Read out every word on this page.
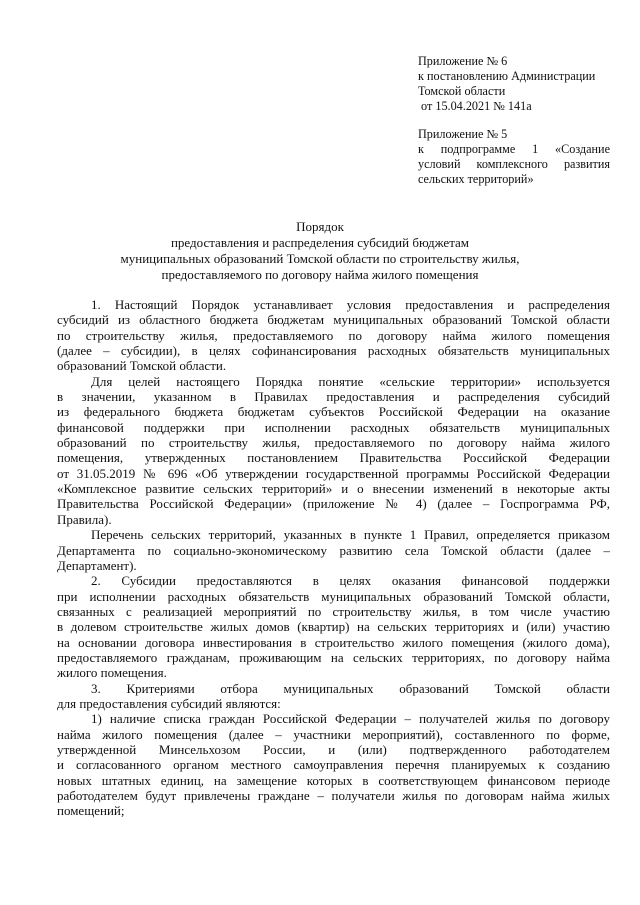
Приложение № 6
к постановлению Администрации
Томской области
от 15.04.2021 № 141а
Приложение № 5
к подпрограмме 1 «Создание
условий комплексного развития
сельских территорий»
Порядок
предоставления и распределения субсидий бюджетам
муниципальных образований Томской области по строительству жилья,
предоставляемого по договору найма жилого помещения
1. Настоящий Порядок устанавливает условия предоставления и распределения
субсидий из областного бюджета бюджетам муниципальных образований Томской области
по строительству жилья, предоставляемого по договору найма жилого помещения
(далее – субсидии), в целях софинансирования расходных обязательств муниципальных
образований Томской области.
Для целей настоящего Порядка понятие «сельские территории» используется
в значении, указанном в Правилах предоставления и распределения субсидий
из федерального бюджета бюджетам субъектов Российской Федерации на оказание
финансовой поддержки при исполнении расходных обязательств муниципальных
образований по строительству жилья, предоставляемого по договору найма жилого
помещения, утвержденных постановлением Правительства Российской Федерации
от 31.05.2019 № 696 «Об утверждении государственной программы Российской Федерации
«Комплексное развитие сельских территорий» и о внесении изменений в некоторые акты
Правительства Российской Федерации» (приложение № 4) (далее – Госпрограмма РФ,
Правила).
Перечень сельских территорий, указанных в пункте 1 Правил, определяется приказом
Департамента по социально-экономическому развитию села Томской области (далее –
Департамент).
2. Субсидии предоставляются в целях оказания финансовой поддержки
при исполнении расходных обязательств муниципальных образований Томской области,
связанных с реализацией мероприятий по строительству жилья, в том числе участию
в долевом строительстве жилых домов (квартир) на сельских территориях и (или) участию
на основании договора инвестирования в строительство жилого помещения (жилого дома),
предоставляемого гражданам, проживающим на сельских территориях, по договору найма
жилого помещения.
3. Критериями отбора муниципальных образований Томской области
для предоставления субсидий являются:
1) наличие списка граждан Российской Федерации – получателей жилья по договору
найма жилого помещения (далее – участники мероприятий), составленного по форме,
утвержденной Минсельхозом России, и (или) подтвержденного работодателем
и согласованного органом местного самоуправления перечня планируемых к созданию
новых штатных единиц, на замещение которых в соответствующем финансовом периоде
работодателем будут привлечены граждане – получатели жилья по договорам найма жилых
помещений;
